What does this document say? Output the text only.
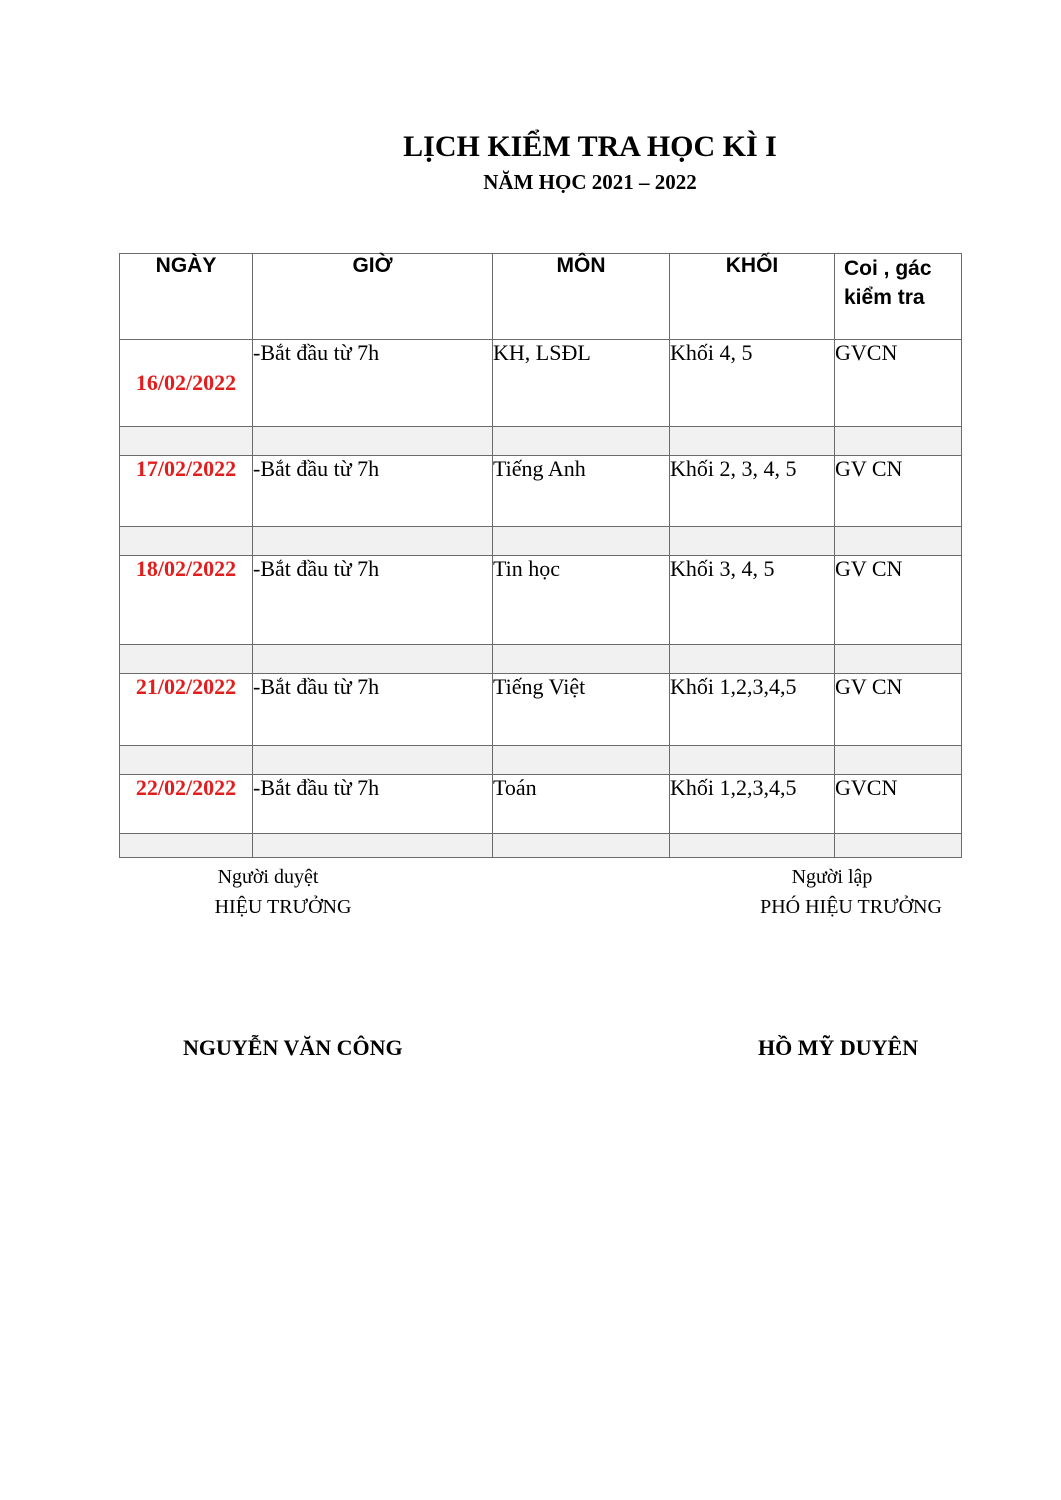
LỊCH KIỂM TRA HỌC KÌ I
NĂM HỌC 2021 – 2022
NGÀY	GIỜ	MÔN	KHỐI	Coi , gác kiểm tra
16/02/2022	-Bắt đầu từ 7h	KH, LSĐL	Khối 4, 5	GVCN

17/02/2022	-Bắt đầu từ 7h	Tiếng Anh	Khối 2, 3, 4, 5	GV CN

18/02/2022	-Bắt đầu từ 7h	Tin học	Khối 3, 4, 5	GV CN

21/02/2022	-Bắt đầu từ 7h	Tiếng Việt	Khối 1,2,3,4,5	GV CN

22/02/2022	-Bắt đầu từ 7h	Toán	Khối 1,2,3,4,5	GVCN

Người duyệt
HIỆU TRƯỞNG
NGUYỄN VĂN CÔNG
Người lập
PHÓ HIỆU TRƯỞNG
HỒ MỸ DUYÊN
